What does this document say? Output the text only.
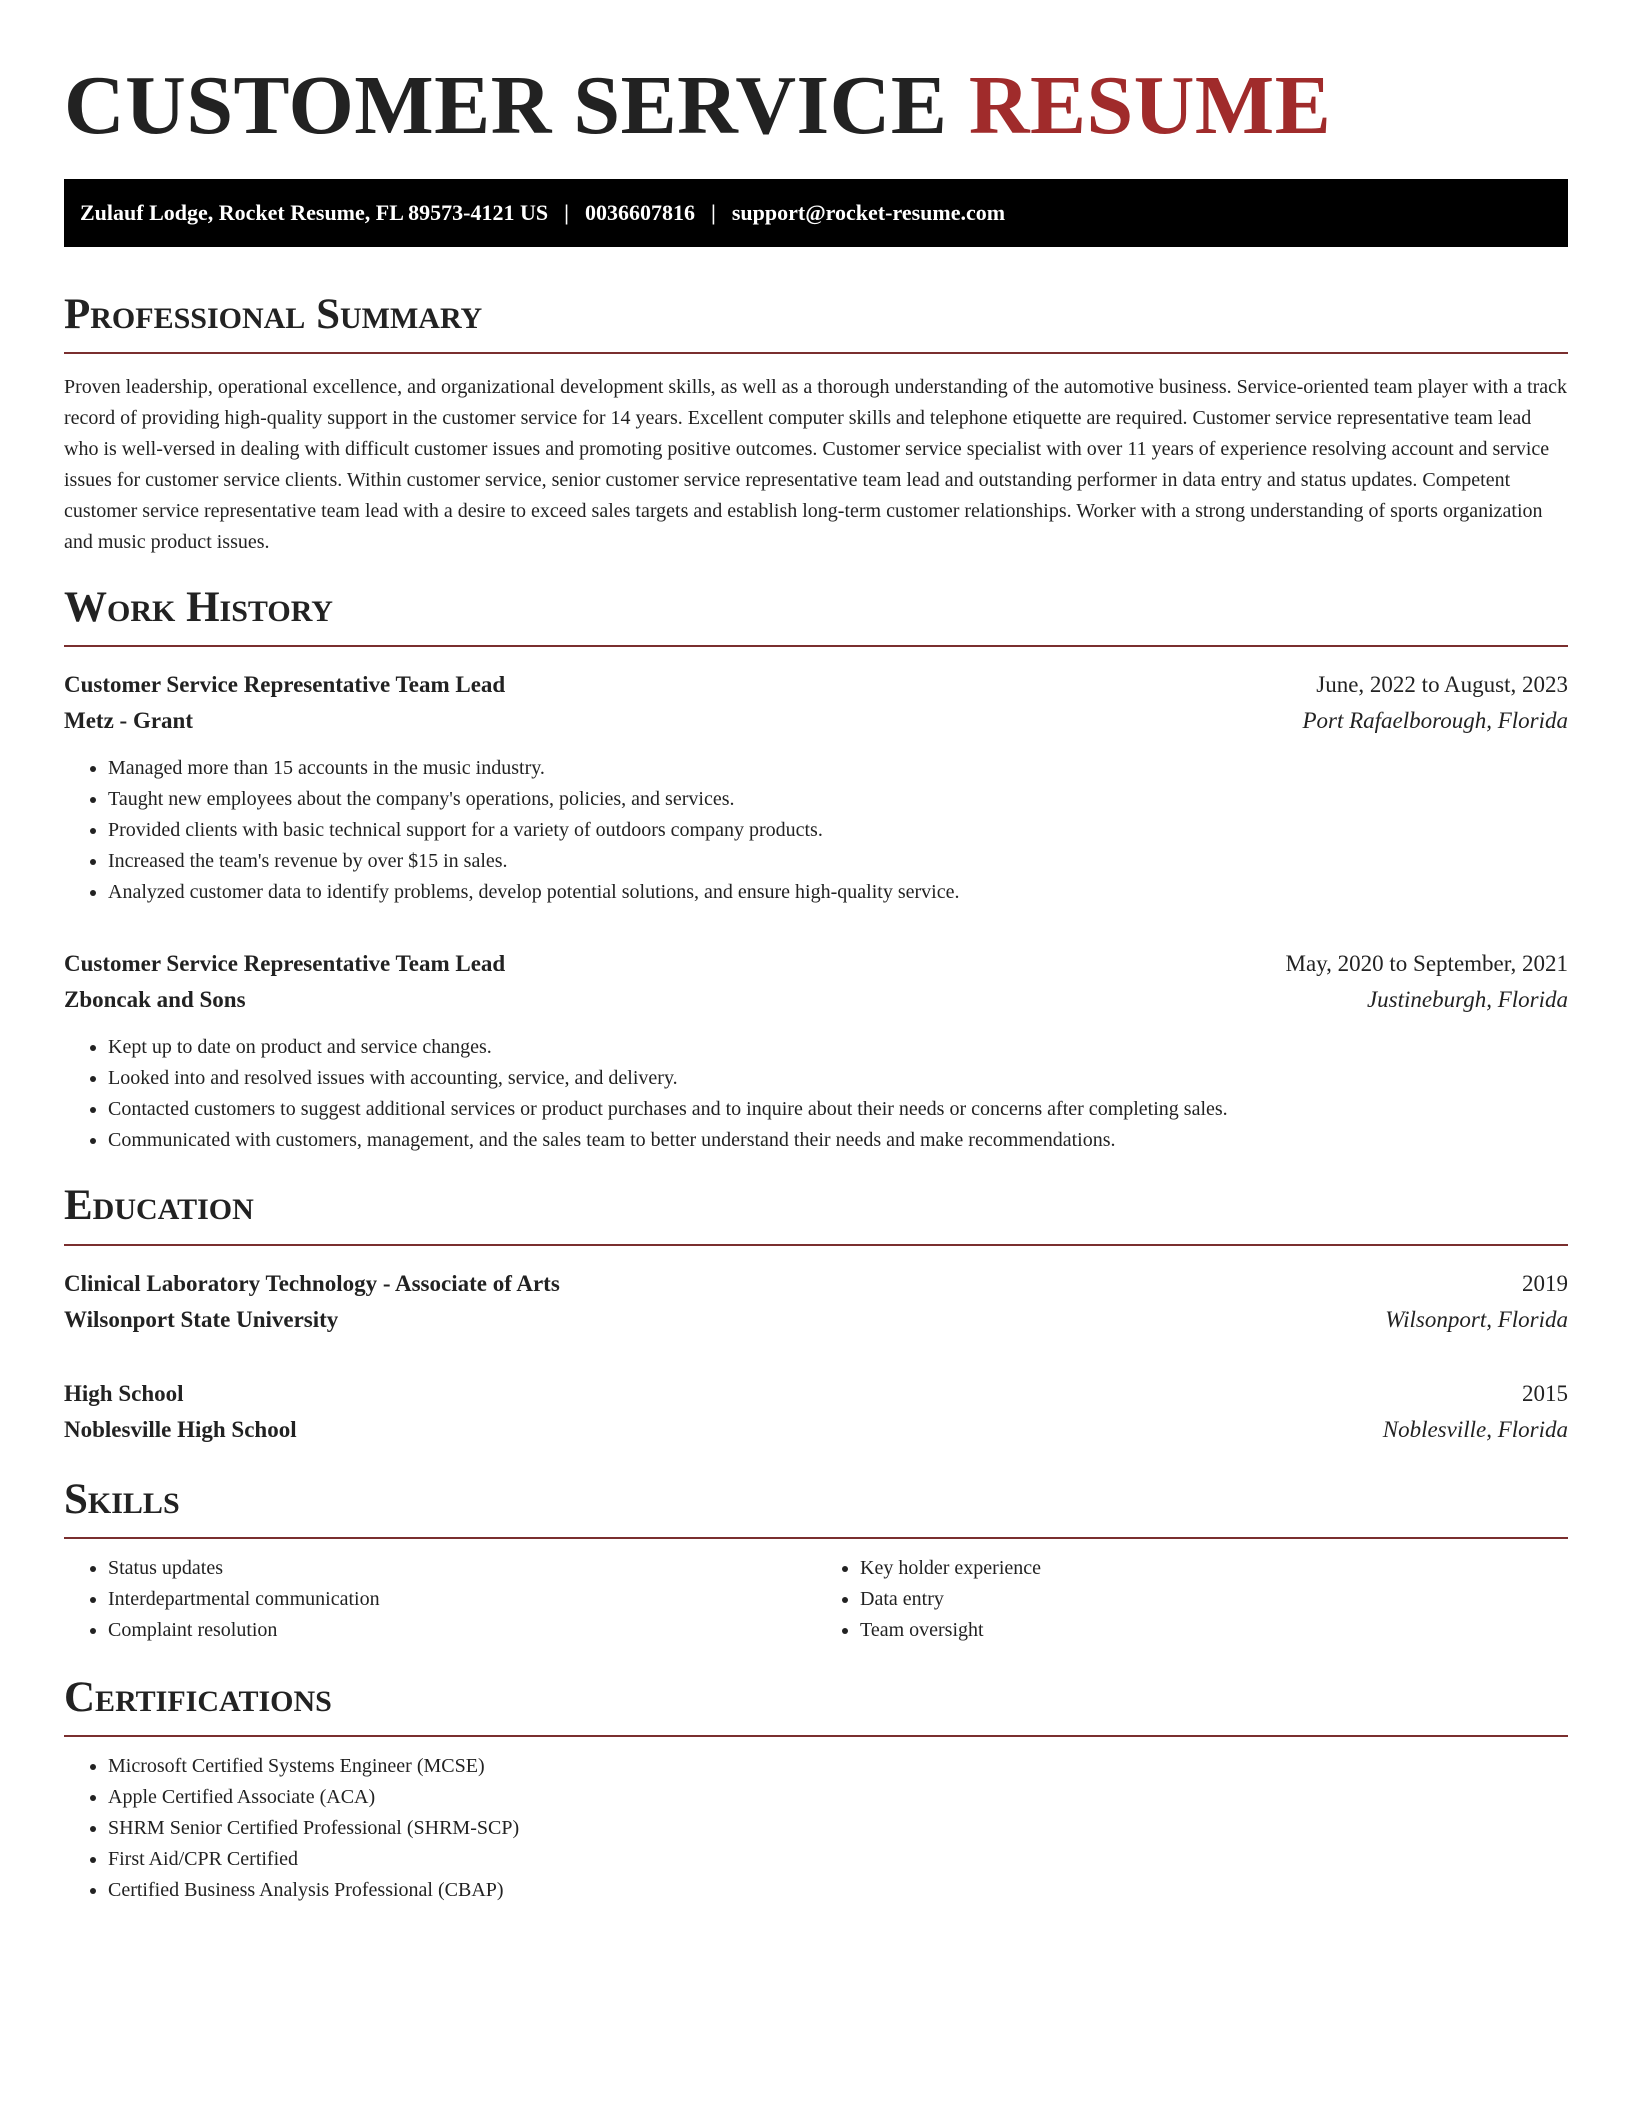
CUSTOMER SERVICE RESUME
Zulauf Lodge, Rocket Resume, FL 89573-4121 US | 0036607816 | support@rocket-resume.com
Professional Summary

Proven leadership, operational excellence, and organizational development skills, as well as a thorough understanding of the automotive business. Service-oriented team player with a track record of providing high-quality support in the customer service for 14 years. Excellent computer skills and telephone etiquette are required. Customer service representative team lead who is well-versed in dealing with difficult customer issues and promoting positive outcomes. Customer service specialist with over 11 years of experience resolving account and service issues for customer service clients. Within customer service, senior customer service representative team lead and outstanding performer in data entry and status updates. Competent customer service representative team lead with a desire to exceed sales targets and establish long-term customer relationships. Worker with a strong understanding of sports organization and music product issues.

Work History
Customer Service Representative Team Lead	June, 2022 to August, 2023
Metz - Grant	Port Rafaelborough, Florida
• Managed more than 15 accounts in the music industry.
• Taught new employees about the company's operations, policies, and services.
• Provided clients with basic technical support for a variety of outdoors company products.
• Increased the team's revenue by over $15 in sales.
• Analyzed customer data to identify problems, develop potential solutions, and ensure high-quality service.
Customer Service Representative Team Lead	May, 2020 to September, 2021
Zboncak and Sons	Justineburgh, Florida
• Kept up to date on product and service changes.
• Looked into and resolved issues with accounting, service, and delivery.
• Contacted customers to suggest additional services or product purchases and to inquire about their needs or concerns after completing sales.
• Communicated with customers, management, and the sales team to better understand their needs and make recommendations.
Education
Clinical Laboratory Technology - Associate of Arts	2019
Wilsonport State University	Wilsonport, Florida
High School	2015
Noblesville High School	Noblesville, Florida
Skills
• Status updates
• Interdepartmental communication
• Complaint resolution
• Key holder experience
• Data entry
• Team oversight
Certifications
• Microsoft Certified Systems Engineer (MCSE)
• Apple Certified Associate (ACA)
• SHRM Senior Certified Professional (SHRM-SCP)
• First Aid/CPR Certified
• Certified Business Analysis Professional (CBAP)
